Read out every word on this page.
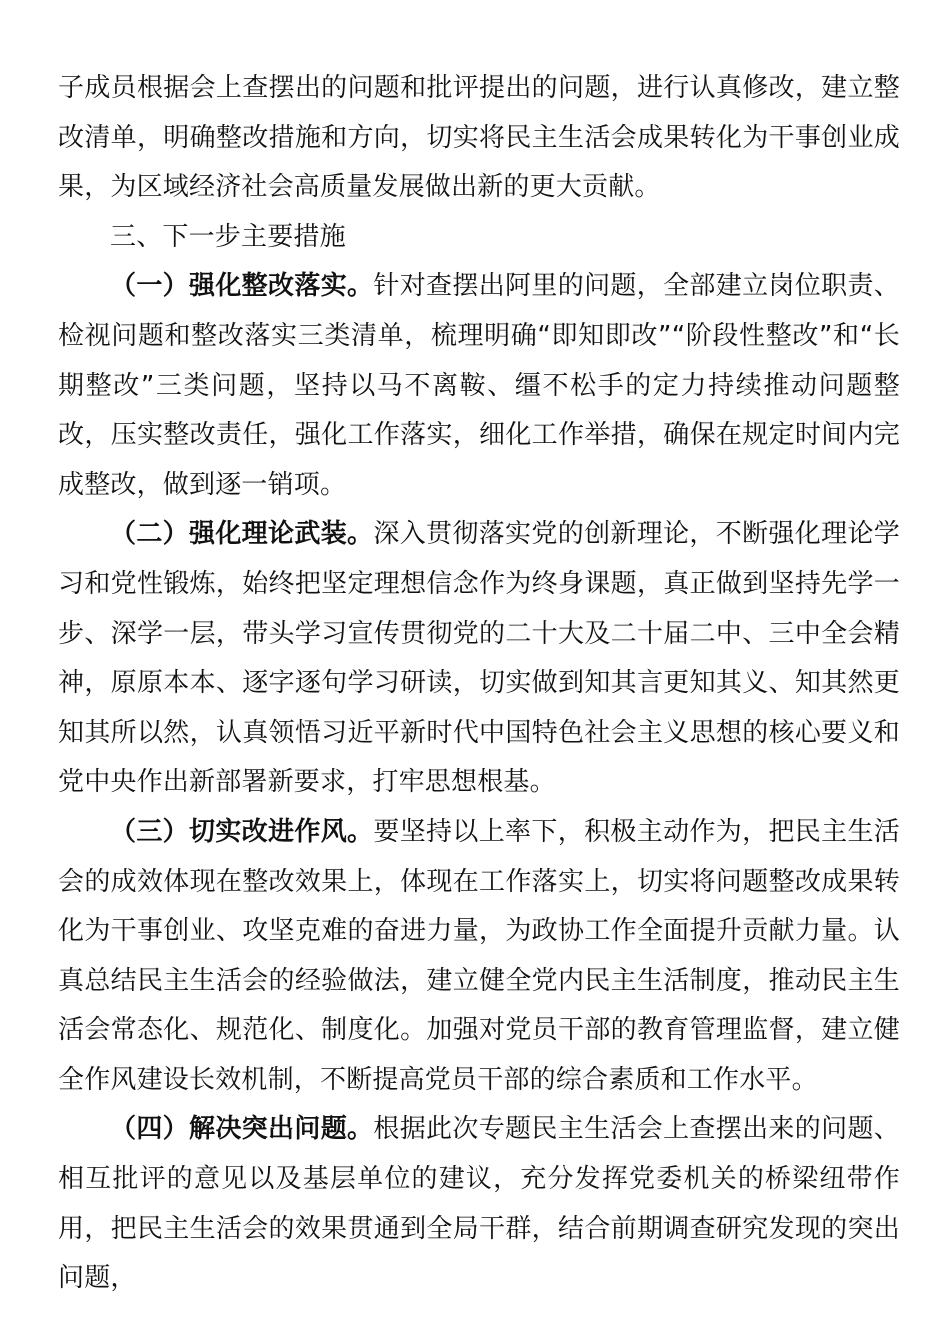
子成员根据会上查摆出的问题和批评提出的问题，进行认真修改，建立整改清单，明确整改措施和方向，切实将民主生活会成果转化为干事创业成果，为区域经济社会高质量发展做出新的更大贡献。

三、下一步主要措施

（一）强化整改落实。针对查摆出阿里的问题，全部建立岗位职责、检视问题和整改落实三类清单，梳理明确“即知即改”“阶段性整改”和“长期整改”三类问题，坚持以马不离鞍、缰不松手的定力持续推动问题整改，压实整改责任，强化工作落实，细化工作举措，确保在规定时间内完成整改，做到逐一销项。

（二）强化理论武装。深入贯彻落实党的创新理论，不断强化理论学习和党性锻炼，始终把坚定理想信念作为终身课题，真正做到坚持先学一步、深学一层，带头学习宣传贯彻党的二十大及二十届二中、三中全会精神，原原本本、逐字逐句学习研读，切实做到知其言更知其义、知其然更知其所以然，认真领悟习近平新时代中国特色社会主义思想的核心要义和党中央作出新部署新要求，打牢思想根基。

（三）切实改进作风。要坚持以上率下，积极主动作为，把民主生活会的成效体现在整改效果上，体现在工作落实上，切实将问题整改成果转化为干事创业、攻坚克难的奋进力量，为政协工作全面提升贡献力量。认真总结民主生活会的经验做法，建立健全党内民主生活制度，推动民主生活会常态化、规范化、制度化。加强对党员干部的教育管理监督，建立健全作风建设长效机制，不断提高党员干部的综合素质和工作水平。

（四）解决突出问题。根据此次专题民主生活会上查摆出来的问题、相互批评的意见以及基层单位的建议，充分发挥党委机关的桥梁纽带作用，把民主生活会的效果贯通到全局干群，结合前期调查研究发现的突出问题，
